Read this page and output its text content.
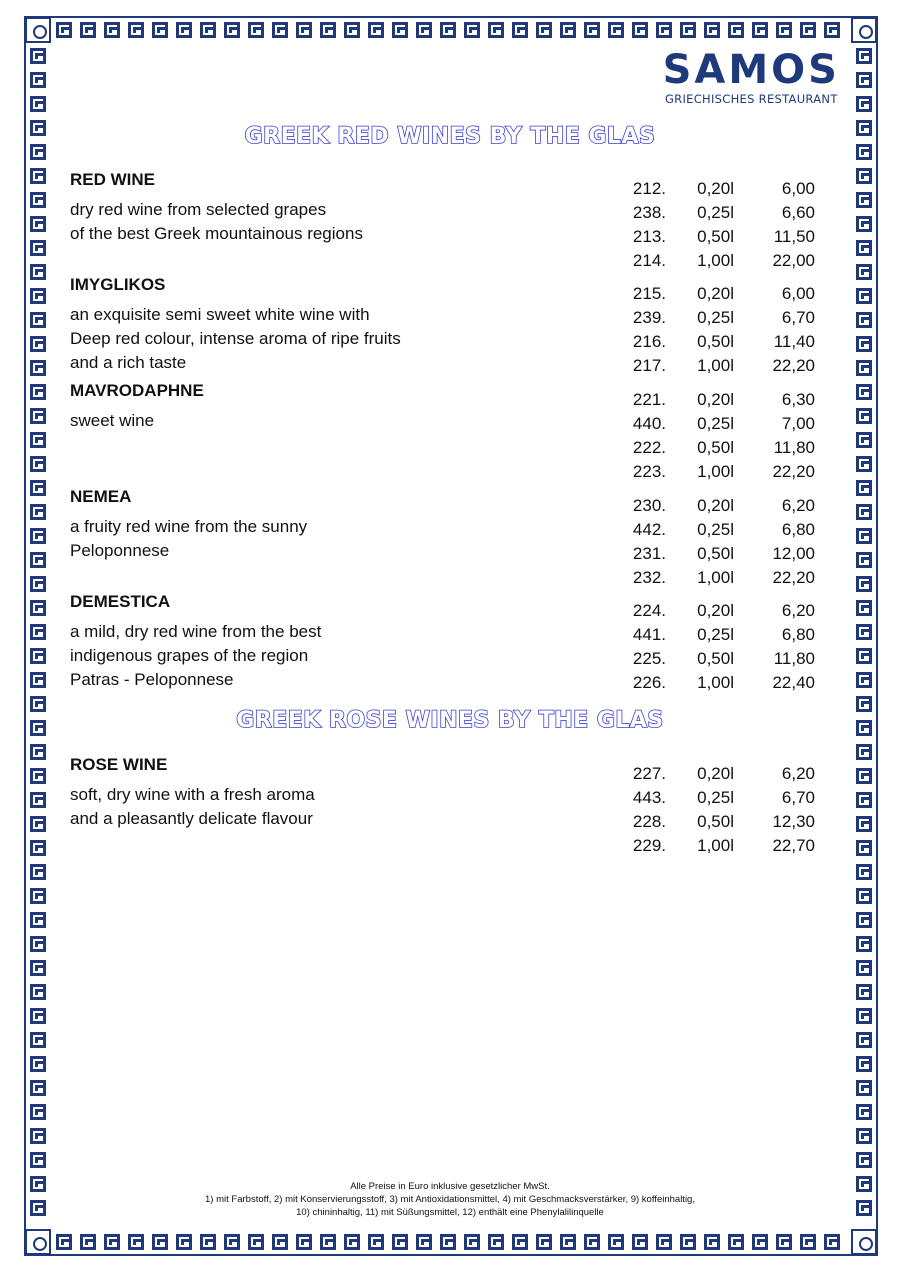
SAMOS
GRIECHISCHES RESTAURANT
GREEK RED WINES BY THE GLAS
GREEK ROSE WINES BY THE GLAS
RED WINE
dry red wine from selected grapes
of the best Greek mountainous regions
212.	0,20l	6,00
238.	0,25l	6,60
213.	0,50l	11,50
214.	1,00l	22,00
IMYGLIKOS
an exquisite semi sweet white wine with
Deep red colour, intense aroma of ripe fruits
and a rich taste
215.	0,20l	6,00
239.	0,25l	6,70
216.	0,50l	11,40
217.	1,00l	22,20
MAVRODAPHNE
sweet wine
221.	0,20l	6,30
440.	0,25l	7,00
222.	0,50l	11,80
223.	1,00l	22,20
NEMEA
a fruity red wine from the sunny
Peloponnese
230.	0,20l	6,20
442.	0,25l	6,80
231.	0,50l	12,00
232.	1,00l	22,20
DEMESTICA
a mild, dry red wine from the best
indigenous grapes of the region
Patras - Peloponnese
224.	0,20l	6,20
441.	0,25l	6,80
225.	0,50l	11,80
226.	1,00l	22,40
ROSE WINE
soft, dry wine with a fresh aroma
and a pleasantly delicate flavour
227.	0,20l	6,20
443.	0,25l	6,70
228.	0,50l	12,30
229.	1,00l	22,70
Alle Preise in Euro inklusive gesetzlicher MwSt.
1) mit Farbstoff, 2) mit Konservierungsstoff, 3) mit Antioxidationsmittel, 4) mit Geschmacksverstärker, 9) koffeinhaltig,
10) chininhaltig, 11) mit Süßungsmittel, 12) enthält eine Phenylalilinquelle
